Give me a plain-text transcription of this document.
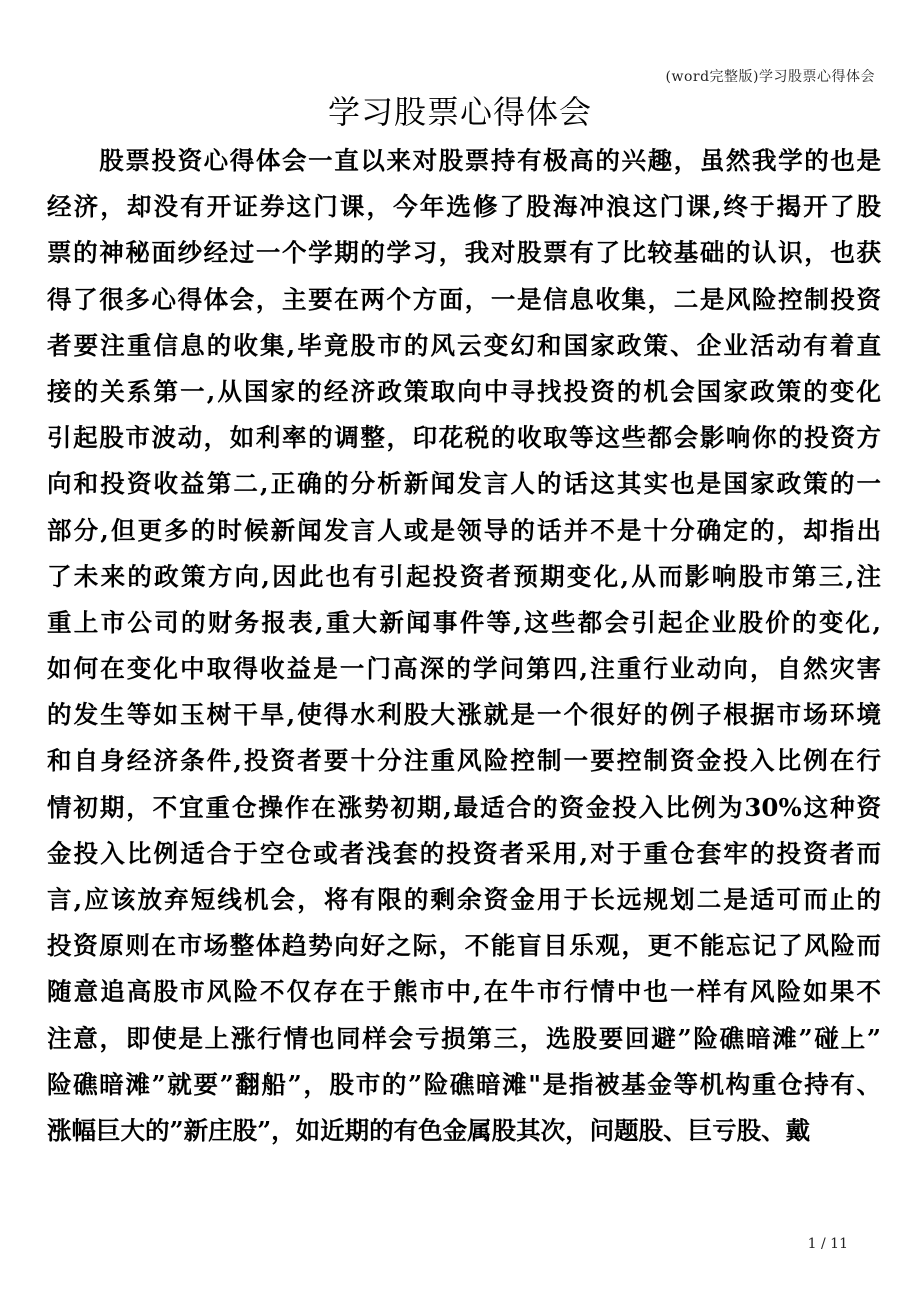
(word完整版)学习股票心得体会
学习股票心得体会
　　股票投资心得体会一直以来对股票持有极高的兴趣，虽然我学的也是
经济，却没有开证券这门课，今年选修了股海冲浪这门课,终于揭开了股
票的神秘面纱经过一个学期的学习，我对股票有了比较基础的认识，也获
得了很多心得体会，主要在两个方面，一是信息收集，二是风险控制投资
者要注重信息的收集,毕竟股市的风云变幻和国家政策、企业活动有着直
接的关系第一,从国家的经济政策取向中寻找投资的机会国家政策的变化
引起股市波动，如利率的调整，印花税的收取等这些都会影响你的投资方
向和投资收益第二,正确的分析新闻发言人的话这其实也是国家政策的一
部分,但更多的时候新闻发言人或是领导的话并不是十分确定的，却指出
了未来的政策方向,因此也有引起投资者预期变化,从而影响股市第三,注
重上市公司的财务报表,重大新闻事件等,这些都会引起企业股价的变化,
如何在变化中取得收益是一门高深的学问第四,注重行业动向，自然灾害
的发生等如玉树干旱,使得水利股大涨就是一个很好的例子根据市场环境
和自身经济条件,投资者要十分注重风险控制一要控制资金投入比例在行
情初期，不宜重仓操作在涨势初期,最适合的资金投入比例为30%这种资
金投入比例适合于空仓或者浅套的投资者采用,对于重仓套牢的投资者而
言,应该放弃短线机会，将有限的剩余资金用于长远规划二是适可而止的
投资原则在市场整体趋势向好之际，不能盲目乐观，更不能忘记了风险而
随意追高股市风险不仅存在于熊市中,在牛市行情中也一样有风险如果不
注意，即使是上涨行情也同样会亏损第三，选股要回避”险礁暗滩”碰上”
险礁暗滩”就要”翻船”，股市的”险礁暗滩"是指被基金等机构重仓持有、
涨幅巨大的”新庄股”，如近期的有色金属股其次，问题股、巨亏股、戴
1 / 11
